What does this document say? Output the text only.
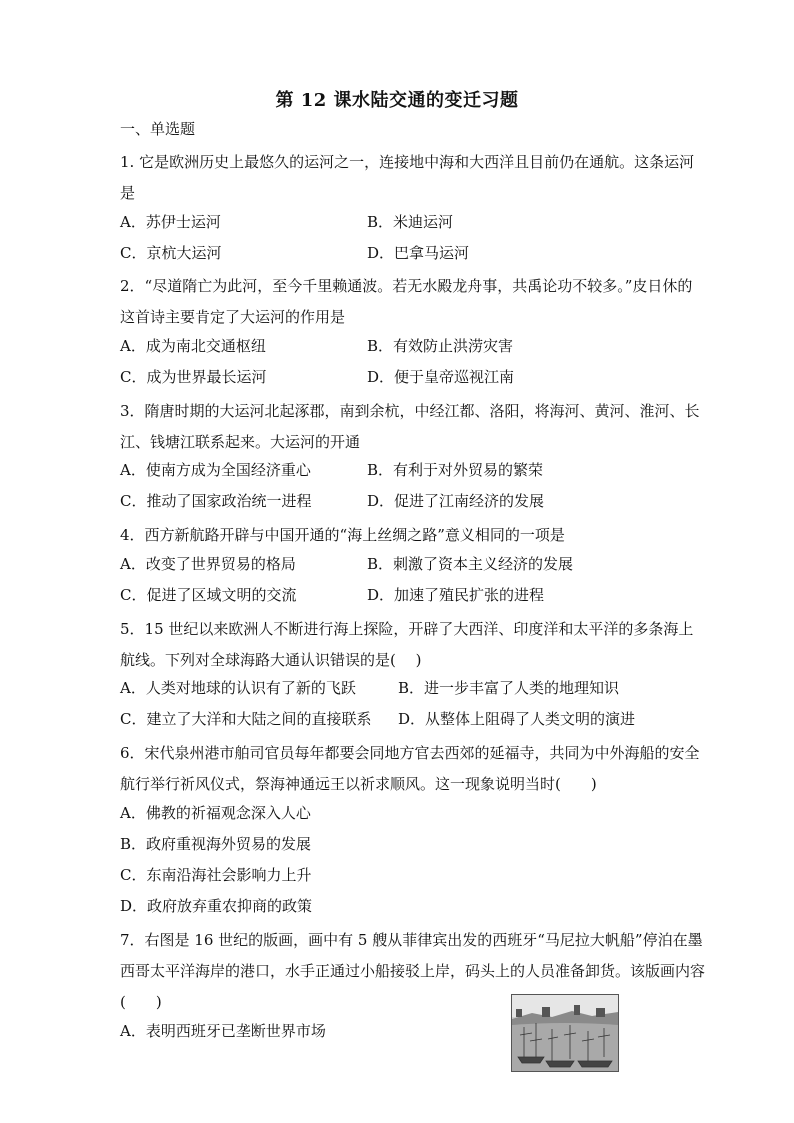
第 12 课水陆交通的变迁习题
一、单选题
1. 它是欧洲历史上最悠久的运河之一，连接地中海和大西洋且目前仍在通航。这条运河是
A．苏伊士运河	B．米迪运河
C．京杭大运河	D．巴拿马运河
2．“尽道隋亡为此河，至今千里赖通波。若无水殿龙舟事，共禹论功不较多。”皮日休的这首诗主要肯定了大运河的作用是
A．成为南北交通枢纽	B．有效防止洪涝灾害
C．成为世界最长运河	D．便于皇帝巡视江南
3．隋唐时期的大运河北起涿郡，南到余杭，中经江都、洛阳，将海河、黄河、淮河、长江、钱塘江联系起来。大运河的开通
A．使南方成为全国经济重心	B．有利于对外贸易的繁荣
C．推动了国家政治统一进程	D．促进了江南经济的发展
4．西方新航路开辟与中国开通的“海上丝绸之路”意义相同的一项是
A．改变了世界贸易的格局	B．刺激了资本主义经济的发展
C．促进了区域文明的交流	D．加速了殖民扩张的进程
5．15 世纪以来欧洲人不断进行海上探险，开辟了大西洋、印度洋和太平洋的多条海上航线。下列对全球海路大通认识错误的是(　 )
A．人类对地球的认识有了新的飞跃	B．进一步丰富了人类的地理知识
C．建立了大洋和大陆之间的直接联系 D．从整体上阻碍了人类文明的演进
6．宋代泉州港市舶司官员每年都要会同地方官去西郊的延福寺，共同为中外海船的安全航行举行祈风仪式，祭海神通远王以祈求顺风。这一现象说明当时(　　)
A．佛教的祈福观念深入人心
B．政府重视海外贸易的发展
C．东南沿海社会影响力上升
D．政府放弃重农抑商的政策
7．右图是 16 世纪的版画，画中有 5 艘从菲律宾出发的西班牙“马尼拉大帆船”停泊在墨西哥太平洋海岸的港口，水手正通过小船接驳上岸，码头上的人员准备卸货。该版画内容(　　)
A．表明西班牙已垄断世界市场
